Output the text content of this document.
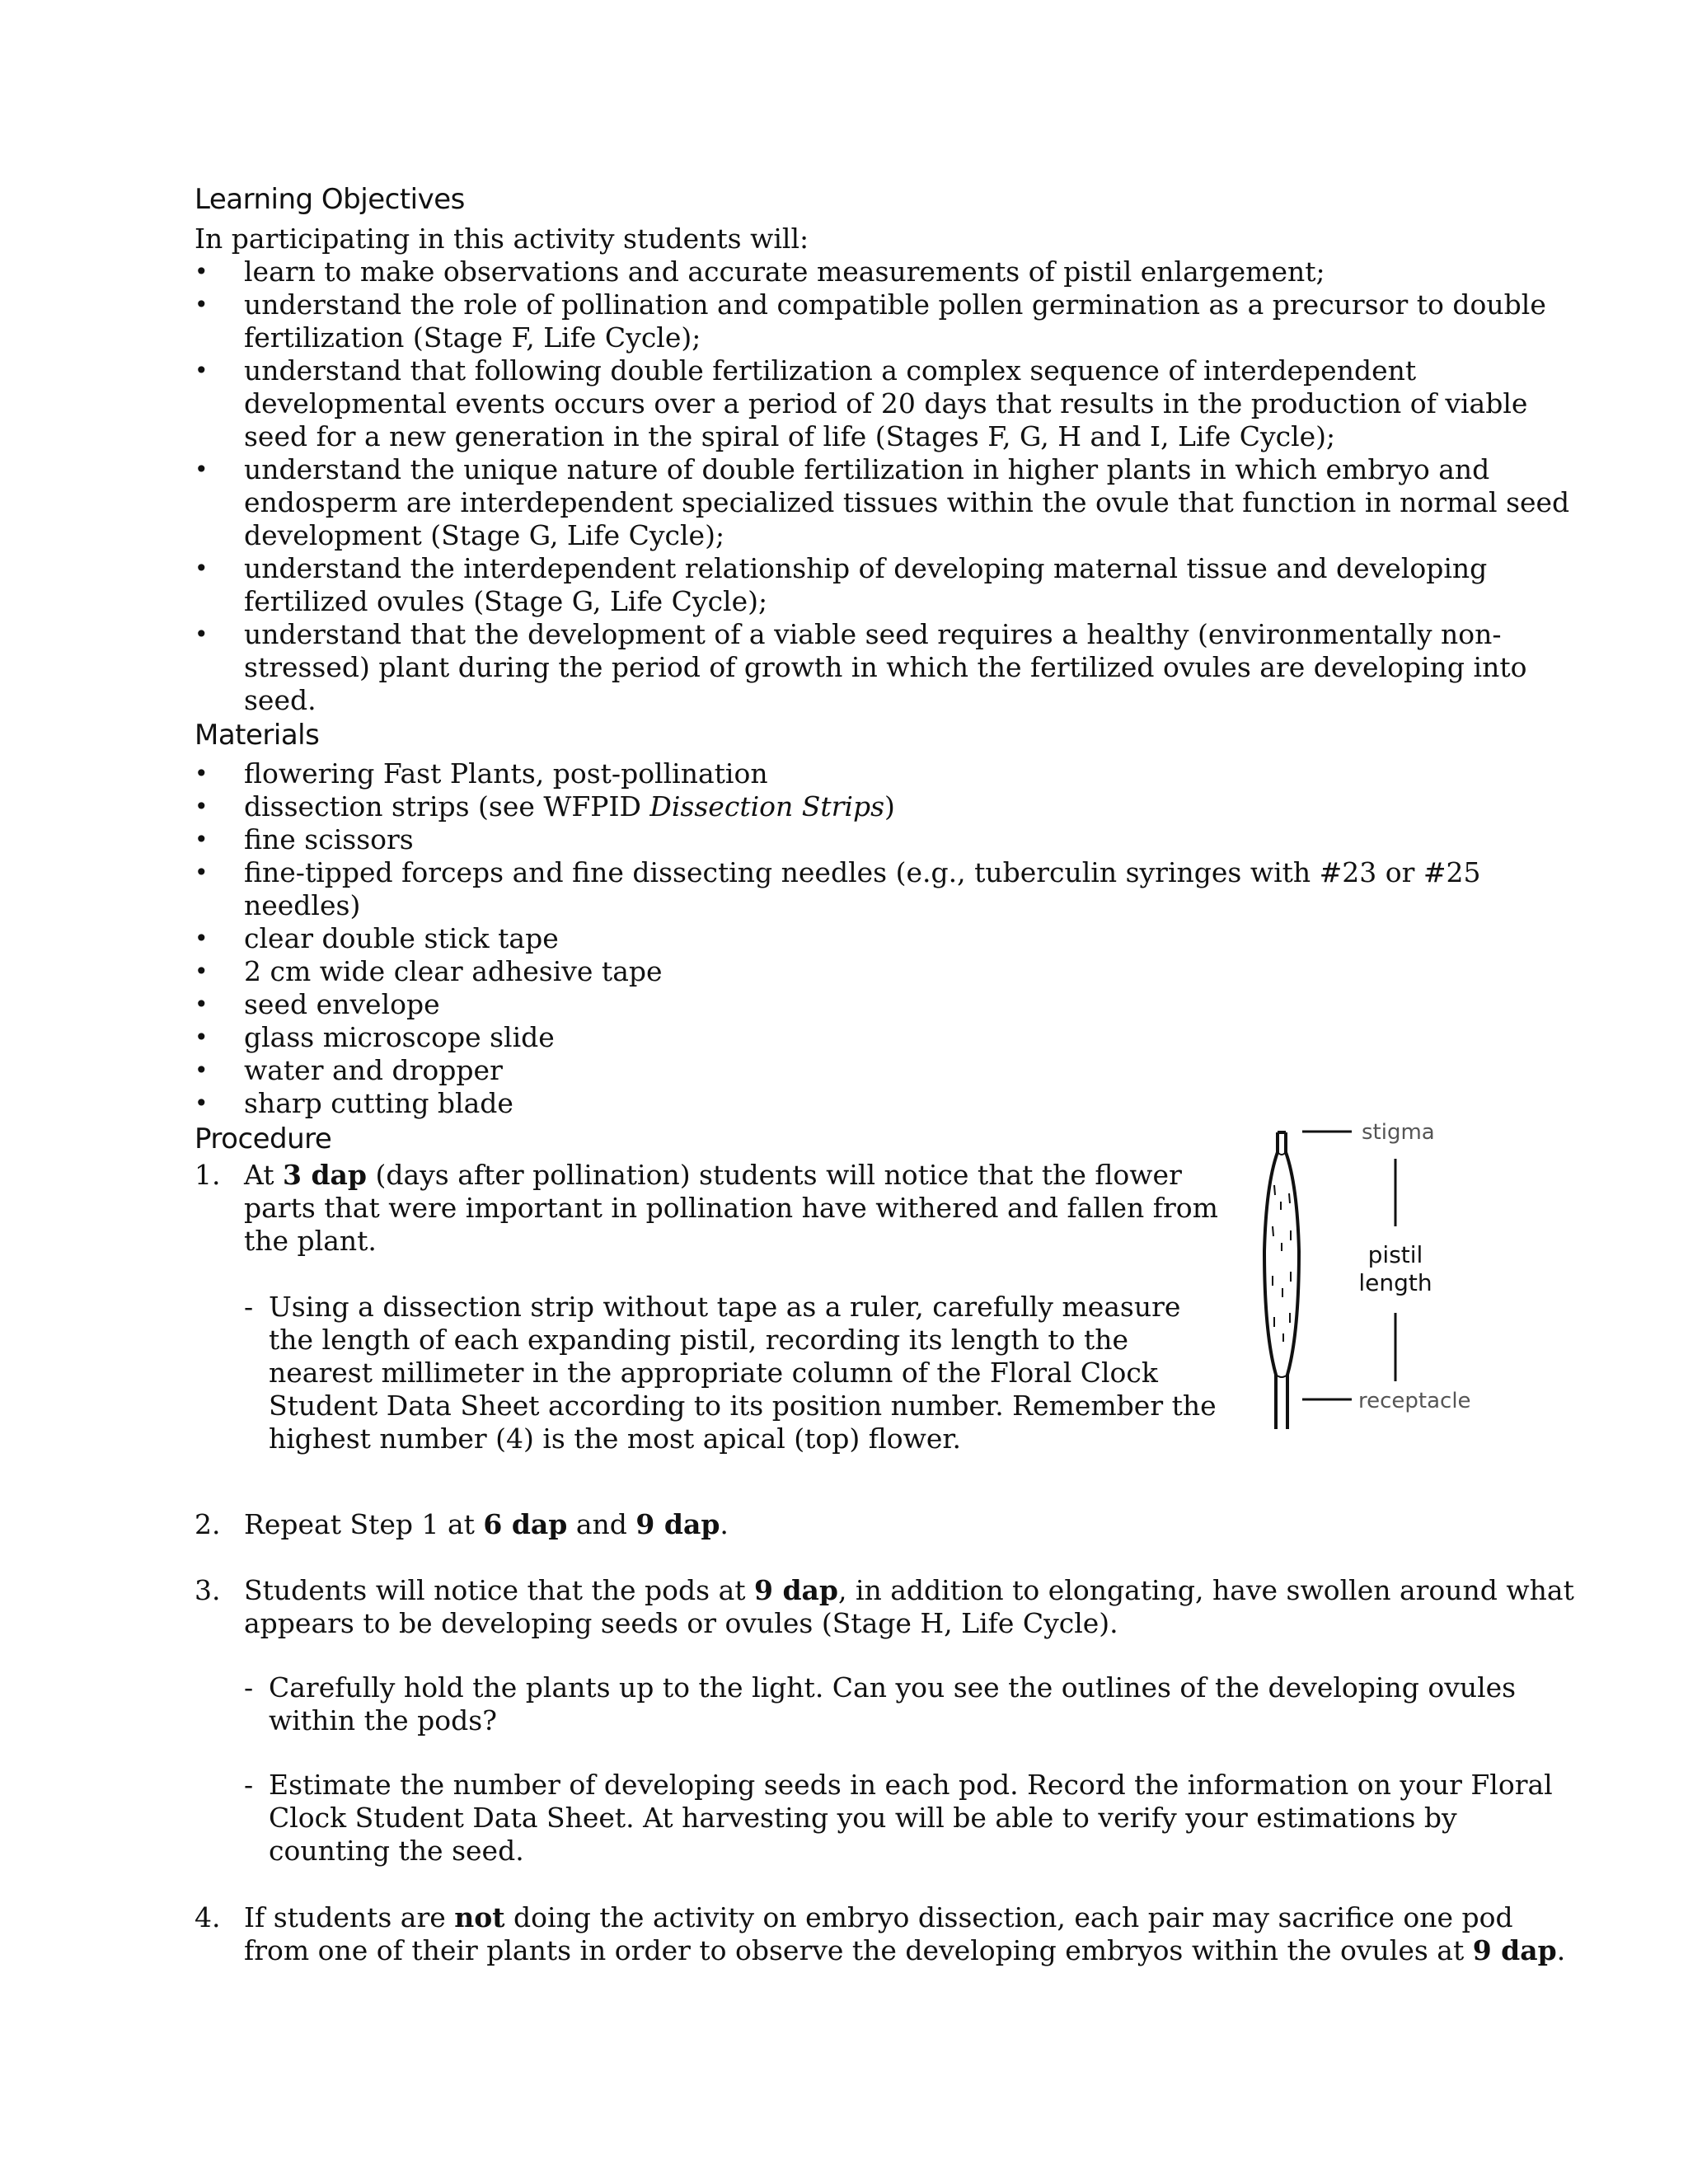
Learning Objectives
In participating in this activity students will:
• learn to make observations and accurate measurements of pistil enlargement;
• understand the role of pollination and compatible pollen germination as a precursor to double fertilization (Stage F, Life Cycle);
• understand that following double fertilization a complex sequence of interdependent developmental events occurs over a period of 20 days that results in the production of viable seed for a new generation in the spiral of life (Stages F, G, H and I, Life Cycle);
• understand the unique nature of double fertilization in higher plants in which embryo and endosperm are interdependent specialized tissues within the ovule that function in normal seed development (Stage G, Life Cycle);
• understand the interdependent relationship of developing maternal tissue and developing fertilized ovules (Stage G, Life Cycle);
• understand that the development of a viable seed requires a healthy (environmentally non-stressed) plant during the period of growth in which the fertilized ovules are developing into seed.
Materials
• flowering Fast Plants, post-pollination
• dissection strips (see WFPID Dissection Strips)
• fine scissors
• fine-tipped forceps and fine dissecting needles (e.g., tuberculin syringes with #23 or #25 needles)
• clear double stick tape
• 2 cm wide clear adhesive tape
• seed envelope
• glass microscope slide
• water and dropper
• sharp cutting blade
Procedure
1. At 3 dap (days after pollination) students will notice that the flower parts that were important in pollination have withered and fallen from the plant.
- Using a dissection strip without tape as a ruler, carefully measure the length of each expanding pistil, recording its length to the nearest millimeter in the appropriate column of the Floral Clock Student Data Sheet according to its position number. Remember the highest number (4) is the most apical (top) flower.
2. Repeat Step 1 at 6 dap and 9 dap.
3. Students will notice that the pods at 9 dap, in addition to elongating, have swollen around what appears to be developing seeds or ovules (Stage H, Life Cycle).
- Carefully hold the plants up to the light. Can you see the outlines of the developing ovules within the pods?
- Estimate the number of developing seeds in each pod. Record the information on your Floral Clock Student Data Sheet. At harvesting you will be able to verify your estimations by counting the seed.
4. If students are not doing the activity on embryo dissection, each pair may sacrifice one pod from one of their plants in order to observe the developing embryos within the ovules at 9 dap.
stigma
pistil
length
receptacle
